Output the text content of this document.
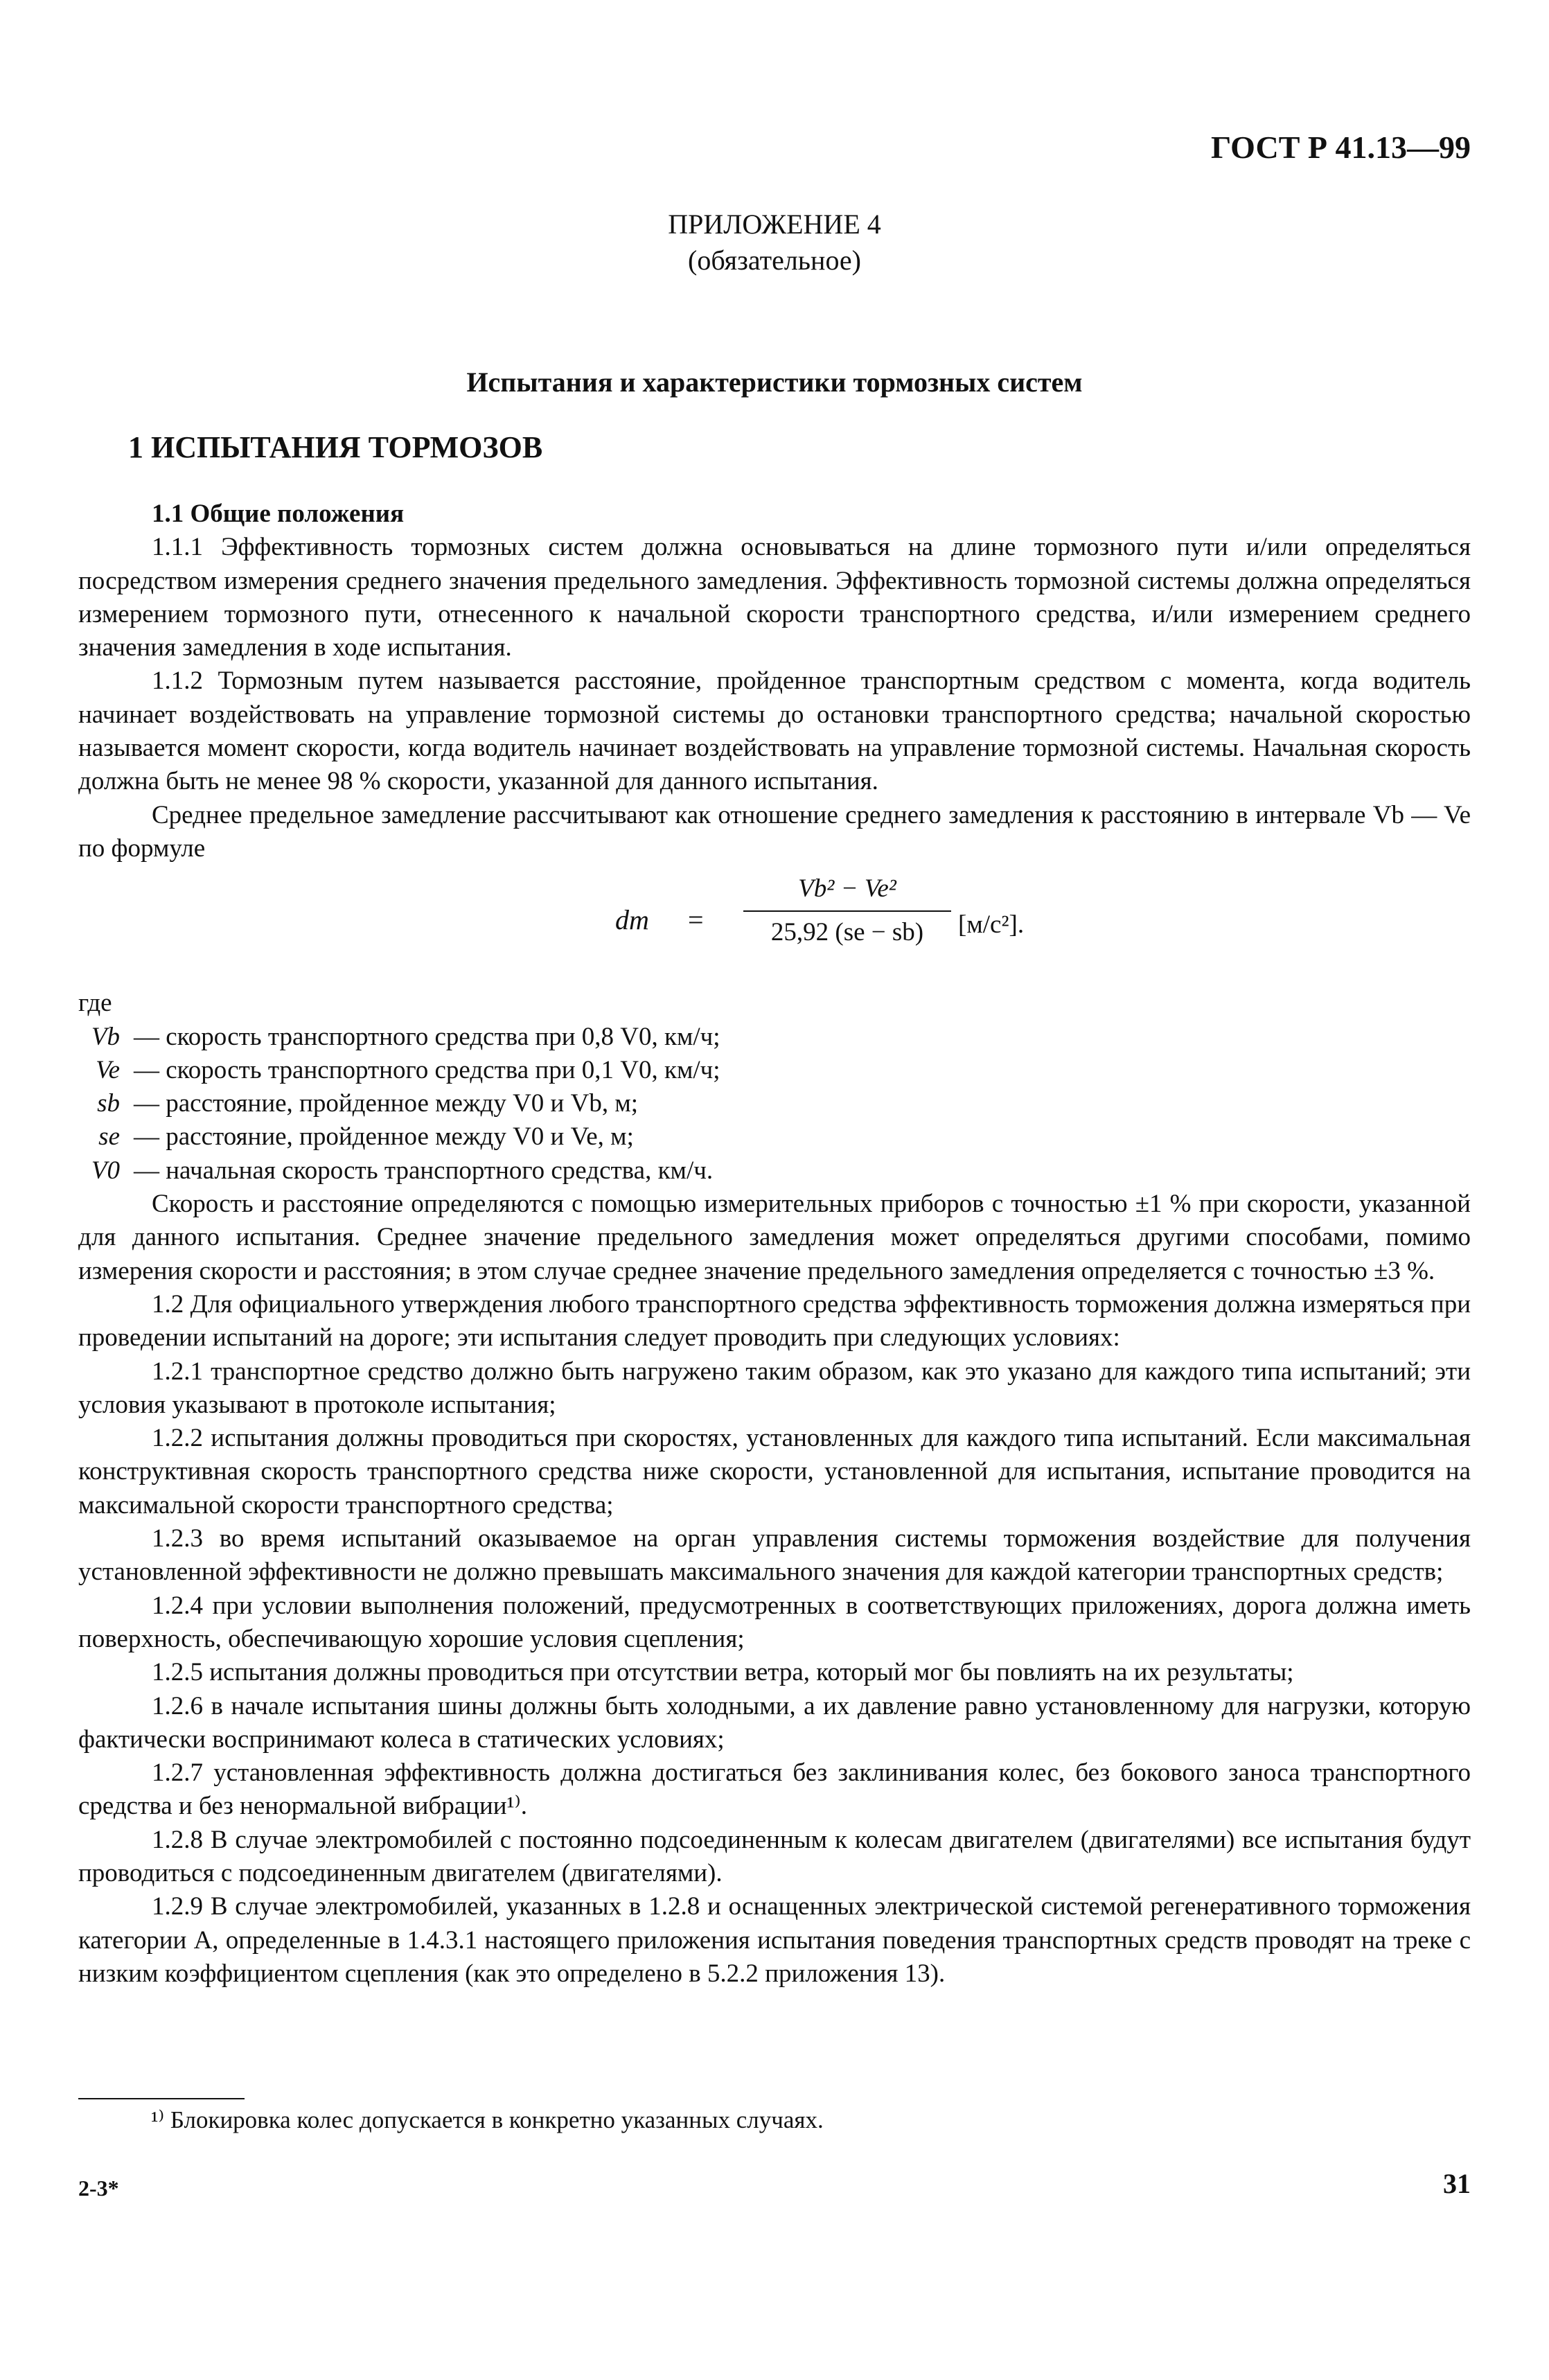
ГОСТ Р 41.13—99
ПРИЛОЖЕНИЕ 4
(обязательное)
Испытания и характеристики тормозных систем
1 ИСПЫТАНИЯ ТОРМОЗОВ

1.1 Общие положения

1.1.1 Эффективность тормозных систем должна основываться на длине тормозного пути и/или определяться посредством измерения среднего значения предельного замедления. Эффективность тормозной системы должна определяться измерением тормозного пути, отнесенного к начальной скорости транспортного средства, и/или измерением среднего значения замедления в ходе испытания.

1.1.2 Тормозным путем называется расстояние, пройденное транспортным средством с момента, когда водитель начинает воздействовать на управление тормозной системы до остановки транспортного средства; начальной скоростью называется момент скорости, когда водитель начинает воздействовать на управление тормозной системы. Начальная скорость должна быть не менее 98 % скорости, указанной для данного испытания.

Среднее предельное замедление рассчитывают как отношение среднего замедления к расстоянию в интервале Vb — Ve по формуле

dm = $\frac{\text{Vb² − Ve²}}{25,92 (se - sb)} [м/с^2]$.

где

Vb — скорость транспортного средства при 0,8 V0, км/ч;
Ve — скорость транспортного средства при 0,1 V0, км/ч;
sb — расстояние, пройденное между V0 и Vb, м;
se — расстояние, пройденное между V0 и Ve, м;
V0 — начальная скорость транспортного средства, км/ч.

Скорость и расстояние определяются с помощью измерительных приборов с точностью ±1 % при скорости, указанной для данного испытания. Среднее значение предельного замедления может определяться другими способами, помимо измерения скорости и расстояния; в этом случае среднее значение предельного замедления определяется с точностью ±3 %.

1.2 Для официального утверждения любого транспортного средства эффективность торможения должна измеряться при проведении испытаний на дороге; эти испытания следует проводить при следующих условиях:

1.2.1 транспортное средство должно быть нагружено таким образом, как это указано для каждого типа испытаний; эти условия указывают в протоколе испытания;

1.2.2 испытания должны проводиться при скоростях, установленных для каждого типа испытаний. Если максимальная конструктивная скорость транспортного средства ниже скорости, установленной для испытания, испытание проводится на максимальной скорости транспортного средства;

1.2.3 во время испытаний оказываемое на орган управления системы торможения воздействие для получения установленной эффективности не должно превышать максимального значения для каждой категории транспортных средств;

1.2.4 при условии выполнения положений, предусмотренных в соответствующих приложениях, дорога должна иметь поверхность, обеспечивающую хорошие условия сцепления;

1.2.5 испытания должны проводиться при отсутствии ветра, который мог бы повлиять на их результаты;

1.2.6 в начале испытания шины должны быть холодными, а их давление равно установленному для нагрузки, которую фактически воспринимают колеса в статических условиях;

1.2.7 установленная эффективность должна достигаться без заклинивания колес, без бокового заноса транспортного средства и без ненормальной вибрации¹⁾.

1.2.8 В случае электромобилей с постоянно подсоединенным к колесам двигателем (двигателями) все испытания будут проводиться с подсоединенным двигателем (двигателями).

1.2.9 В случае электромобилей, указанных в 1.2.8 и оснащенных электрической системой регенеративного торможения категории А, определенные в 1.4.3.1 настоящего приложения испытания поведения транспортных средств проводят на треке с низким коэффициентом сцепления (как это определено в 5.2.2 приложения 13).

¹⁾ Блокировка колес допускается в конкретно указанных случаях.
2-3*	31
